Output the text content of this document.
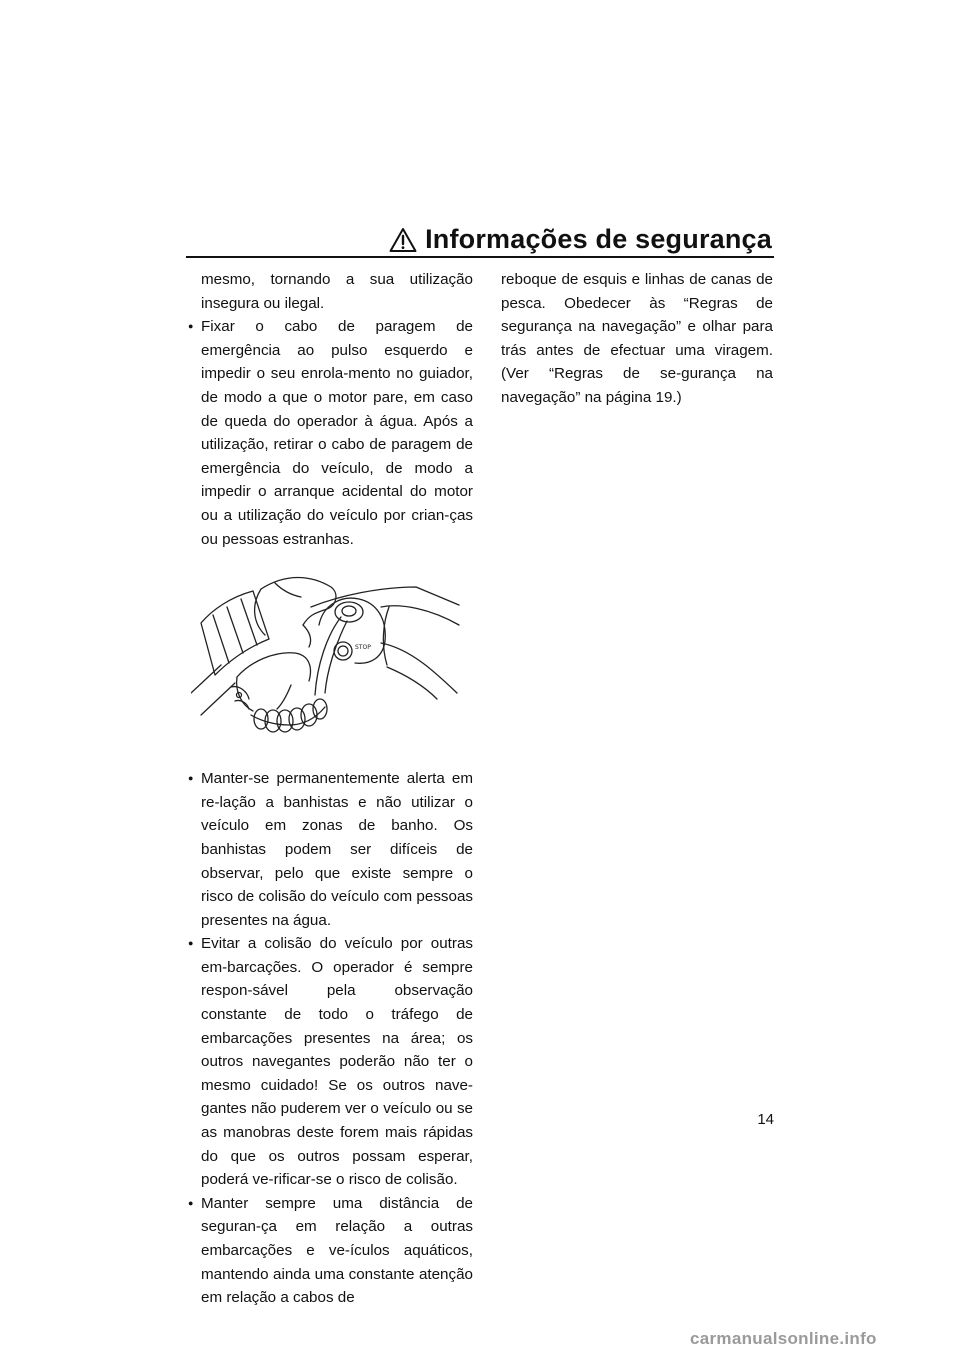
Informações de segurança

mesmo, tornando a sua utilização insegura ou ilegal.

● Fixar o cabo de paragem de emergência ao pulso esquerdo e impedir o seu enrola-mento no guiador, de modo a que o motor pare, em caso de queda do operador à água. Após a utilização, retirar o cabo de paragem de emergência do veículo, de modo a impedir o arranque acidental do motor ou a utilização do veículo por crian-ças ou pessoas estranhas.
STOP
● Manter-se permanentemente alerta em re-lação a banhistas e não utilizar o veículo em zonas de banho. Os banhistas podem ser difíceis de observar, pelo que existe sempre o risco de colisão do veículo com pessoas presentes na água.
● Evitar a colisão do veículo por outras em-barcações. O operador é sempre respon-sável pela observação constante de todo o tráfego de embarcações presentes na área; os outros navegantes poderão não ter o mesmo cuidado! Se os outros nave-gantes não puderem ver o veículo ou se as manobras deste forem mais rápidas do que os outros possam esperar, poderá ve-rificar-se o risco de colisão.
● Manter sempre uma distância de seguran-ça em relação a outras embarcações e ve-ículos aquáticos, mantendo ainda uma constante atenção em relação a cabos de

reboque de esquis e linhas de canas de pesca. Obedecer às “Regras de segurança na navegação” e olhar para trás antes de efectuar uma viragem. (Ver “Regras de se-gurança na navegação” na página 19.)

14
carmanualsonline.info
